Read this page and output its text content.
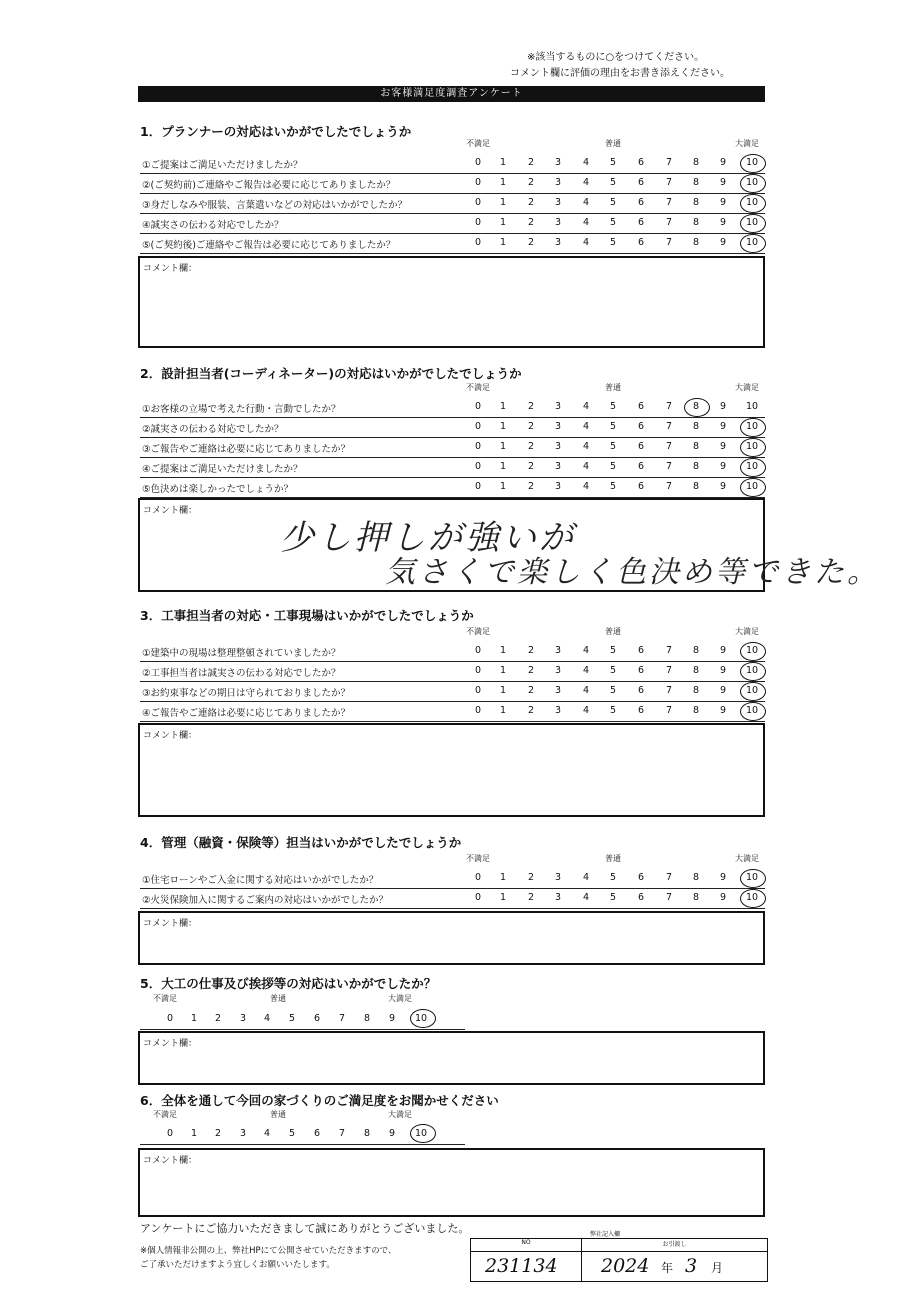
※該当するものに○をつけてください。
コメント欄に評価の理由をお書き添えください。
お客様満足度調査アンケート
1．プランナーの対応はいかがでしたでしょうか
不満足	普通	大満足
①ご提案はご満足いただけましたか？	0	1	2	3	4	5	6	7	8	9	10
②(ご契約前)ご連絡やご報告は必要に応じてありましたか？	0	1	2	3	4	5	6	7	8	9	10
③身だしなみや服装、言葉遣いなどの対応はいかがでしたか？	0	1	2	3	4	5	6	7	8	9	10
④誠実さの伝わる対応でしたか？	0	1	2	3	4	5	6	7	8	9	10
⑤(ご契約後)ご連絡やご報告は必要に応じてありましたか？	0	1	2	3	4	5	6	7	8	9	10
コメント欄：
2．設計担当者(コーディネーター)の対応はいかがでしたでしょうか
不満足	普通	大満足
①お客様の立場で考えた行動・言動でしたか？	0	1	2	3	4	5	6	7	8	9	10
②誠実さの伝わる対応でしたか？	0	1	2	3	4	5	6	7	8	9	10
③ご報告やご連絡は必要に応じてありましたか？	0	1	2	3	4	5	6	7	8	9	10
④ご提案はご満足いただけましたか？	0	1	2	3	4	5	6	7	8	9	10
⑤色決めは楽しかったでしょうか？	0	1	2	3	4	5	6	7	8	9	10
コメント欄：
3．工事担当者の対応・工事現場はいかがでしたでしょうか
不満足	普通	大満足
①建築中の現場は整理整頓されていましたか？	0	1	2	3	4	5	6	7	8	9	10
②工事担当者は誠実さの伝わる対応でしたか？	0	1	2	3	4	5	6	7	8	9	10
③お約束事などの期日は守られておりましたか？	0	1	2	3	4	5	6	7	8	9	10
④ご報告やご連絡は必要に応じてありましたか？	0	1	2	3	4	5	6	7	8	9	10
コメント欄：
4．管理（融資・保険等）担当はいかがでしたでしょうか
不満足	普通	大満足
①住宅ローンやご入金に関する対応はいかがでしたか？	0	1	2	3	4	5	6	7	8	9	10
②火災保険加入に関するご案内の対応はいかがでしたか？	0	1	2	3	4	5	6	7	8	9	10
コメント欄：
5．大工の仕事及び挨拶等の対応はいかがでしたか？
不満足	普通	大満足
0 1 2 3 4 5 6 7 8 9 10
コメント欄：
6．全体を通して今回の家づくりのご満足度をお聞かせください
不満足	普通	大満足
0 1 2 3 4 5 6 7 8 9 10
コメント欄：
少し押しが強いが
気さくで楽しく色決め等できた。
アンケートにご協力いただきまして誠にありがとうございました。
※個人情報非公開の上、弊社HPにて公開させていただきますので、
ご了承いただけますよう宜しくお願いいたします。
弊社記入欄
NO	お引渡し
231134 2024 年 3 月
